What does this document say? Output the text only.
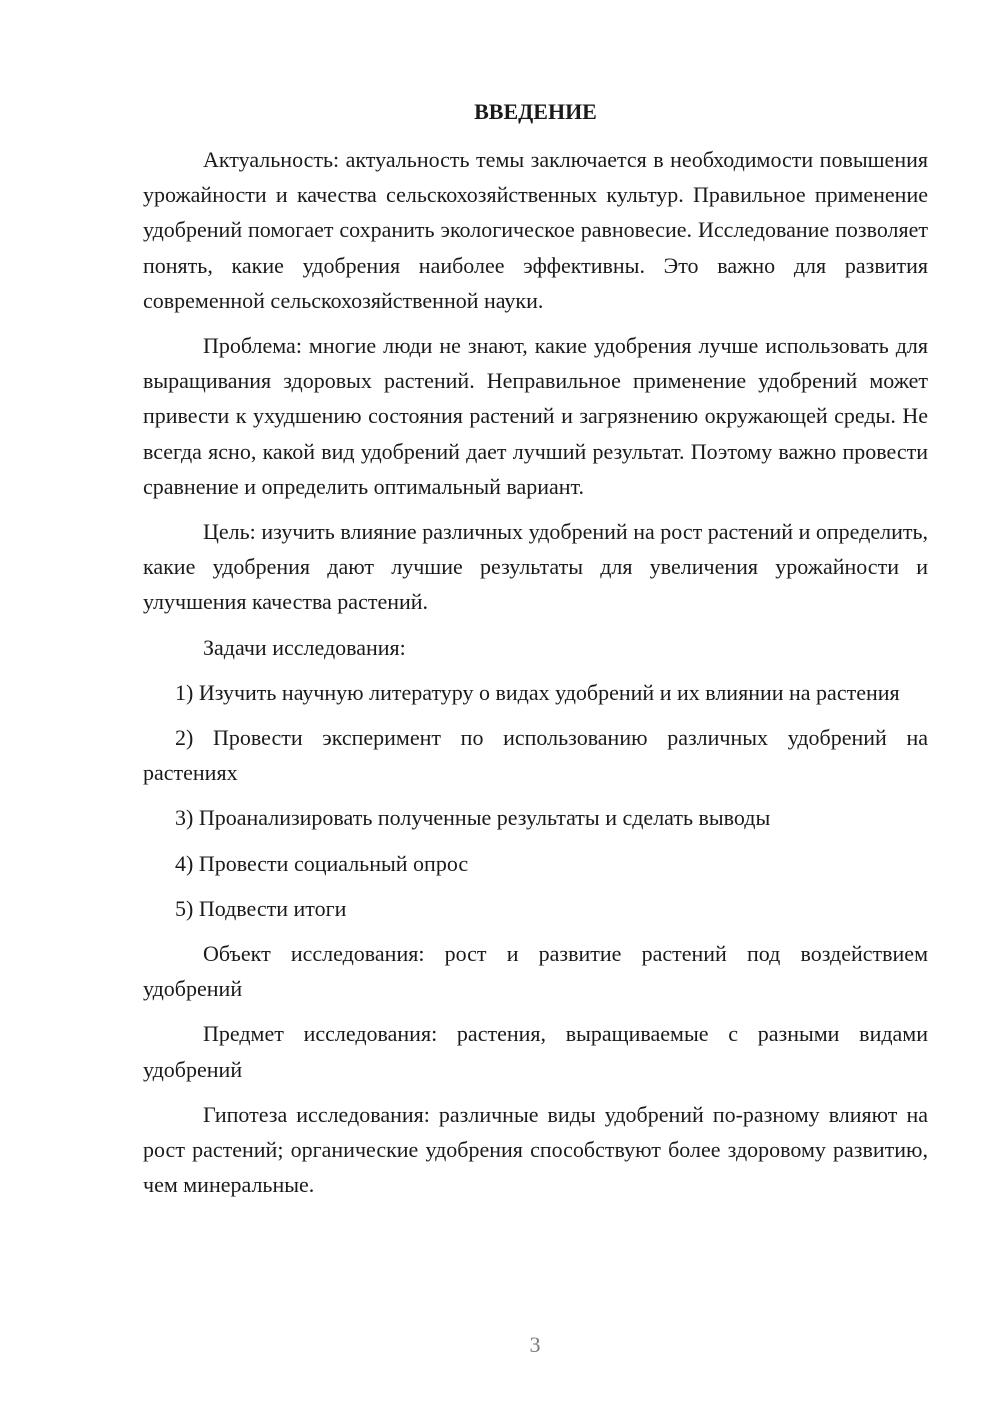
ВВЕДЕНИЕ

Актуальность: актуальность темы заключается в необходимости повышения урожайности и качества сельскохозяйственных культур. Правильное применение удобрений помогает сохранить экологическое равновесие. Исследование позволяет понять, какие удобрения наиболее эффективны. Это важно для развития современной сельскохозяйственной науки.

Проблема: многие люди не знают, какие удобрения лучше использовать для выращивания здоровых растений. Неправильное применение удобрений может привести к ухудшению состояния растений и загрязнению окружающей среды. Не всегда ясно, какой вид удобрений дает лучший результат. Поэтому важно провести сравнение и определить оптимальный вариант.

Цель: изучить влияние различных удобрений на рост растений и определить, какие удобрения дают лучшие результаты для увеличения урожайности и улучшения качества растений.

Задачи исследования:

1) Изучить научную литературу о видах удобрений и их влиянии на растения

2) Провести эксперимент по использованию различных удобрений на растениях

3) Проанализировать полученные результаты и сделать выводы

4) Провести социальный опрос

5) Подвести итоги

Объект исследования: рост и развитие растений под воздействием удобрений

Предмет исследования: растения, выращиваемые с разными видами удобрений

Гипотеза исследования: различные виды удобрений по-разному влияют на рост растений; органические удобрения способствуют более здоровому развитию, чем минеральные.

3
